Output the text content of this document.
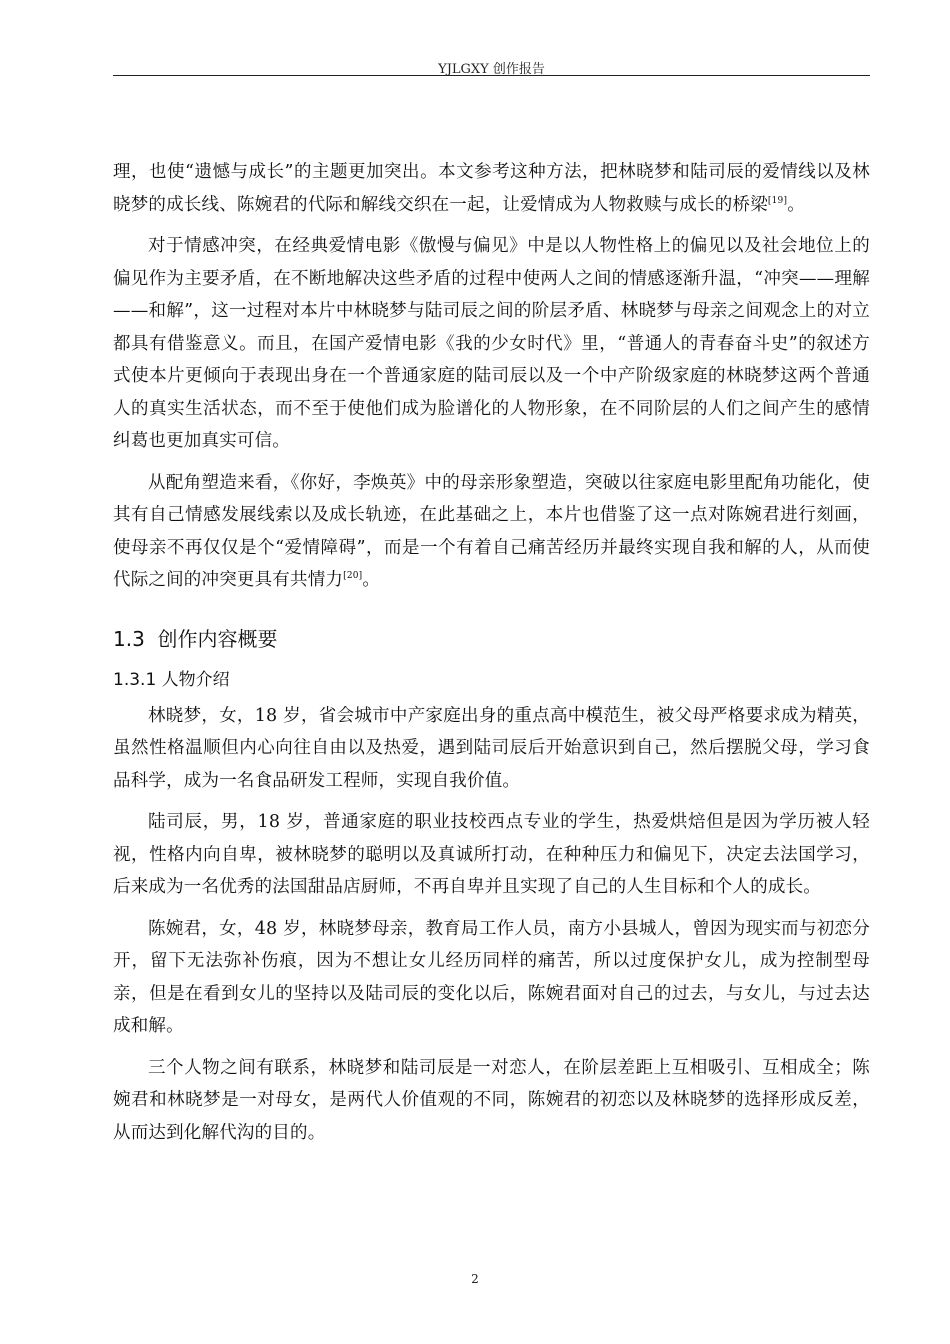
YJLGXY 创作报告

理，也使“遗憾与成长”的主题更加突出。本文参考这种方法，把林晓梦和陆司辰的爱情线以及林晓梦的成长线、陈婉君的代际和解线交织在一起，让爱情成为人物救赎与成长的桥梁[19]。

对于情感冲突，在经典爱情电影《傲慢与偏见》中是以人物性格上的偏见以及社会地位上的偏见作为主要矛盾，在不断地解决这些矛盾的过程中使两人之间的情感逐渐升温，“冲突——理解——和解”，这一过程对本片中林晓梦与陆司辰之间的阶层矛盾、林晓梦与母亲之间观念上的对立都具有借鉴意义。而且，在国产爱情电影《我的少女时代》里，“普通人的青春奋斗史”的叙述方式使本片更倾向于表现出身在一个普通家庭的陆司辰以及一个中产阶级家庭的林晓梦这两个普通人的真实生活状态，而不至于使他们成为脸谱化的人物形象，在不同阶层的人们之间产生的感情纠葛也更加真实可信。

从配角塑造来看，《你好，李焕英》中的母亲形象塑造，突破以往家庭电影里配角功能化，使其有自己情感发展线索以及成长轨迹，在此基础之上，本片也借鉴了这一点对陈婉君进行刻画，使母亲不再仅仅是个“爱情障碍”，而是一个有着自己痛苦经历并最终实现自我和解的人，从而使代际之间的冲突更具有共情力[20]。

1.3 创作内容概要
1.3.1 人物介绍

林晓梦，女，18 岁，省会城市中产家庭出身的重点高中模范生，被父母严格要求成为精英，虽然性格温顺但内心向往自由以及热爱，遇到陆司辰后开始意识到自己，然后摆脱父母，学习食品科学，成为一名食品研发工程师，实现自我价值。

陆司辰，男，18 岁，普通家庭的职业技校西点专业的学生，热爱烘焙但是因为学历被人轻视，性格内向自卑，被林晓梦的聪明以及真诚所打动，在种种压力和偏见下，决定去法国学习，后来成为一名优秀的法国甜品店厨师，不再自卑并且实现了自己的人生目标和个人的成长。

陈婉君，女，48 岁，林晓梦母亲，教育局工作人员，南方小县城人，曾因为现实而与初恋分开，留下无法弥补伤痕，因为不想让女儿经历同样的痛苦，所以过度保护女儿，成为控制型母亲，但是在看到女儿的坚持以及陆司辰的变化以后，陈婉君面对自己的过去，与女儿，与过去达成和解。

三个人物之间有联系，林晓梦和陆司辰是一对恋人，在阶层差距上互相吸引、互相成全；陈婉君和林晓梦是一对母女，是两代人价值观的不同，陈婉君的初恋以及林晓梦的选择形成反差，从而达到化解代沟的目的。

2
